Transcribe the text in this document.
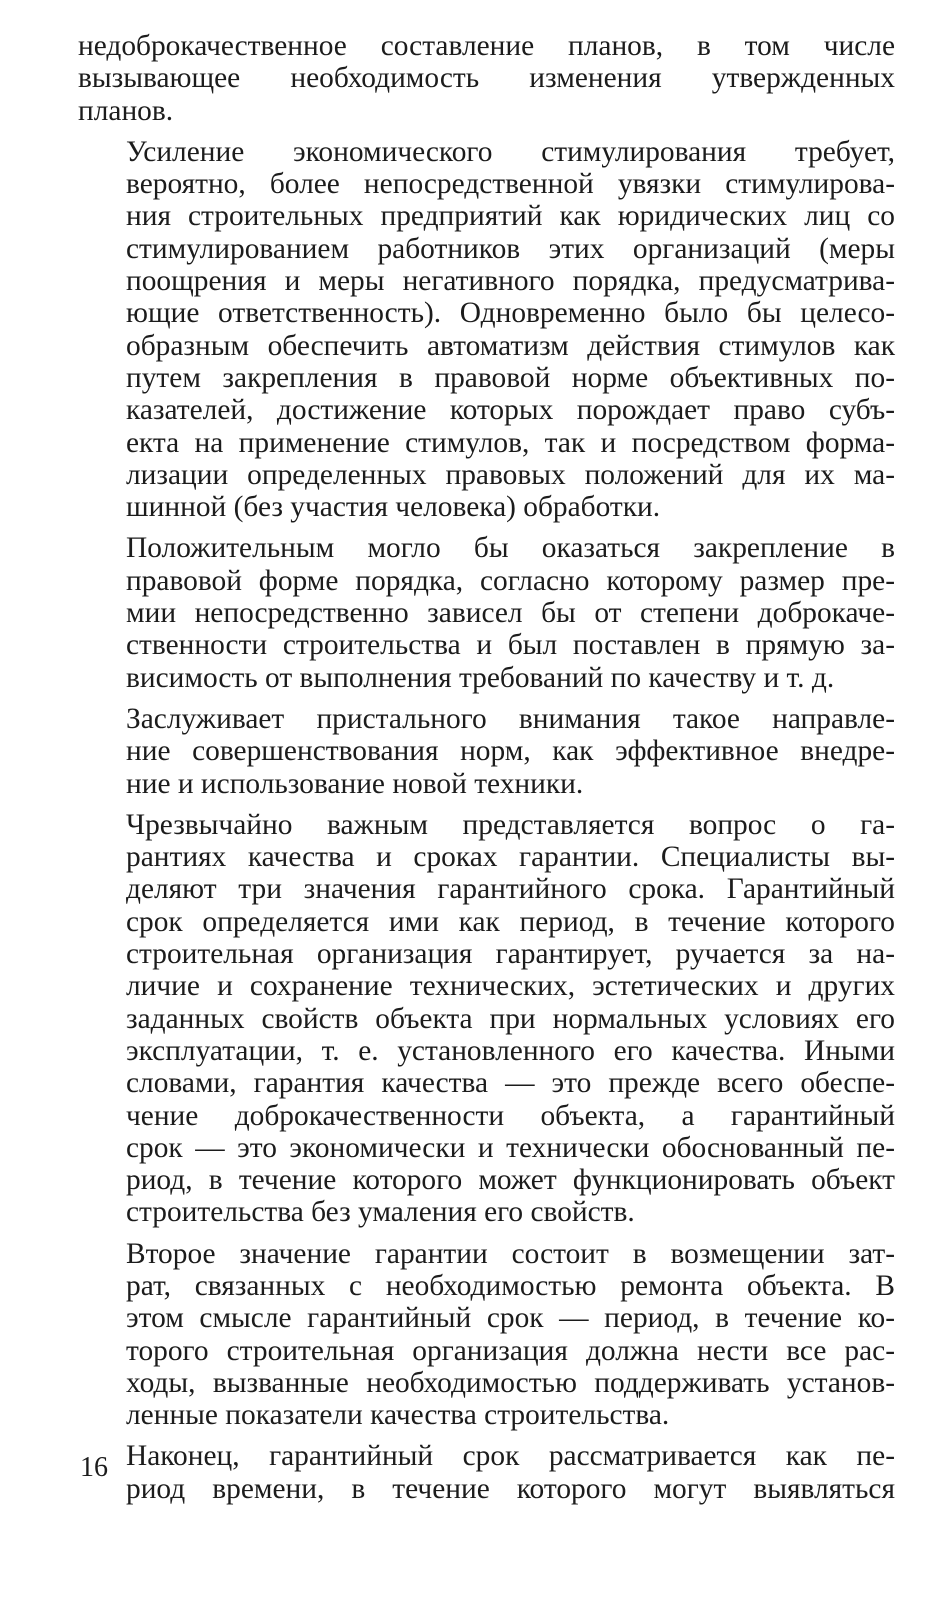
недоброкачественное составление планов, в том числе
вызывающее необходимость изменения утвержденных
планов.

Усиление экономического стимулирования требует,
вероятно, более непосредственной увязки стимулирова-
ния строительных предприятий как юридических лиц со
стимулированием работников этих организаций (меры
поощрения и меры негативного порядка, предусматрива-
ющие ответственность). Одновременно было бы целесо-
образным обеспечить автоматизм действия стимулов как
путем закрепления в правовой норме объективных по-
казателей, достижение которых порождает право субъ-
екта на применение стимулов, так и посредством форма-
лизации определенных правовых положений для их ма-
шинной (без участия человека) обработки.

Положительным могло бы оказаться закрепление в
правовой форме порядка, согласно которому размер пре-
мии непосредственно зависел бы от степени доброкаче-
ственности строительства и был поставлен в прямую за-
висимость от выполнения требований по качеству и т. д.

Заслуживает пристального внимания такое направле-
ние совершенствования норм, как эффективное внедре-
ние и использование новой техники.

Чрезвычайно важным представляется вопрос о га-
рантиях качества и сроках гарантии. Специалисты вы-
деляют три значения гарантийного срока. Гарантийный
срок определяется ими как период, в течение которого
строительная организация гарантирует, ручается за на-
личие и сохранение технических, эстетических и других
заданных свойств объекта при нормальных условиях его
эксплуатации, т. е. установленного его качества. Иными
словами, гарантия качества — это прежде всего обеспе-
чение доброкачественности объекта, а гарантийный
срок — это экономически и технически обоснованный пе-
риод, в течение которого может функционировать объект
строительства без умаления его свойств.

Второе значение гарантии состоит в возмещении зат-
рат, связанных с необходимостью ремонта объекта. В
этом смысле гарантийный срок — период, в течение ко-
торого строительная организация должна нести все рас-
ходы, вызванные необходимостью поддерживать установ-
ленные показатели качества строительства.

Наконец, гарантийный срок рассматривается как пе-
риод времени, в течение которого могут выявляться

16
